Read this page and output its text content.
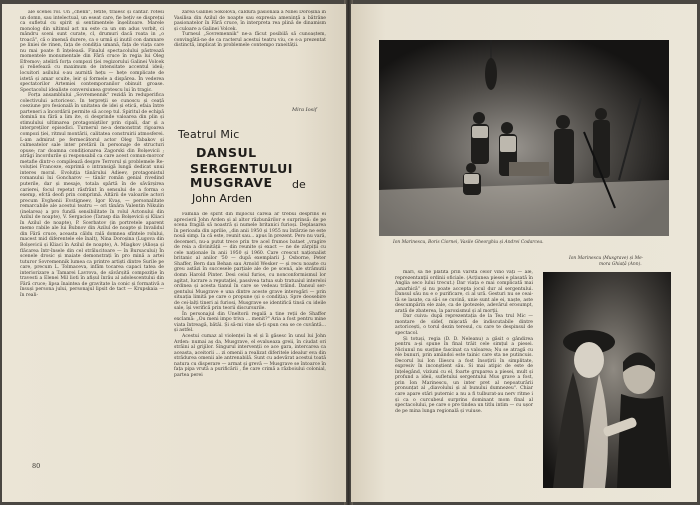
ale scenei rol. Un „chenn", fetite, trăiesc și cântăr. rotesi un domn, sau intelectual, un eseat care, fie bețiv se disprețui ca sufletul cu spirit și sentimentele înșelitoare. Marele monolog din ultimul act nu este ca un om adus vorbit, ci mândru sceni sunt curate, cl, drumuri dacă roata in „o troacă", că o imensă durere, ca o urmă și inutil con damnare pe liniei de rinen, fața de condiția umană, fața de viața care nu mai poate fi înțeleasă. Finalul spectacolului păstrează momentele monumentale din Fără cruce în regia lui Oleg Efremov; ateliră forța compozi ției regizorului Galinei Volcek și reliefează cu maximum de intensitate accentul ideii; locuitori asilului s-au aurnită hețu — hețe complicate de istetă și amar scuite, leir și formele a dispărea. În vederea spectatorilor Artemiei contemporanilor obinuit groase. Spectacolul idealiste conversiunea grotescu lui în tragic.

Forța ansamblului „Sovremennik" rezidă în reduperifica colectivului actoricesc. In terpreții se cunoscu și ceață coeziune pro fesională în unitatea de idei și etică, efaia între parteneri a încordării permite să accep tul. Spiritul de echipă domină nu fără a lim ite, ci desprinde valoarea din plin și stimulului ultimarea protagoniștilor prin cipali, dar și a interpreților episodici. Turnerul ne-a demonstrat rigoarea compozi ției, ritmul montării, calitatea construirii atmosferei. L-am admirat pe fermecătorul actor Oleg Tabakov și culmeatelor sale inter pretării în personaje de structuri opuse; rar doamna condiționarea Zagorski din Bolșevicii ; atrăgi încordurile și responsabil ca care acest comun-morcor metafie dintr-o compilează despre Terrorul și problemele Re voluției Franceze, exprimă o intransigă lungă dedicat unui interes moral. Evoluția tânărului Adieev, protagonistul romanului lui Goncharov — tânăr român genial rivedind puterile, dar și mesaje, totala spârtă în de săvârșirea carierei, focul repetat răsfrânt în sensului de a forma o exemp, efctă deofi prin comprimă. Altării de valoarile actori precum Evghenii Evstigneev, Igor Kvaș, — personalitate remarcabile ale acestui teatru — ori tânăra Valentin Nikulin (inelarea) a pro fundă sensibilitate în rolul Actonului din Azilul de noapte), V. Sergacioe (Tarasp dia Bolșevicii și Kliaci în Azilul de noapte), P. Scerbatov (in portretele aparent memo rabile ale lui Bubnov din Azilul de noapte și Invalidul din Fără cruce, aceasta căldu rală domnea sfintele rolului, macest mid diferentele ele înalt), Nina Doroșina (Lugova din Bolșevicii și Kliaci în Azilul de noapte), A. Miagkov (Alioșa și flăcarea într-însele din cel strălucitoare — în Bursacului) În scenele drosic și maiate demonstrați în pro mină a artei tuturor Sovremennik lumea ca printre artiști dintre Surile pe care, precum L. Tolmaceva, infăm tocarea capaci tatea de interiorizare a Tamarei Lavrova, de săvârșită compoziție în travesti a Elenei Mil lioti în afișul înrâu al adolescentului din Fără cruce; lipsa înaintea de gravitate la conic și formativă a însuși persona jului, personajul lipsit de tact — Krupskaia — în reali-

zarea Galinei Sokolova, căldura pasională a Ninei Doroșina în Vasilisa din Azilul de noapte sau expresia ameninţă a bătrâne pasionatelor în Fără cruce, în interpreta rea plină de dinamism și culoare a Galinei Volcek.

Turneul „Sovremennik" ne-a făcut posibilă să cunoaștem, convingătă-ne de ca racterul acestui teatru viu, ce s-a prezentat distinctă, implicat în problemele contempo raneității.

Mira Iosif
Teatrul Mic
DANSUL
SERGENTULUI MUSGRAVE	de
John Arden

Familia de spirit din mijlocul căreia ar trebui desprins ei aprecierii John Arden și al altor răzbunărilor e surprinsă: de pe scena fragilă să noastră și numele britanici furioși. Deplasarea în perioada din aprilie, „din anii 1950 și 1955 nu întârzie ne este nouă simp. Ia că este, reunit sau... apus în prezent. Pero nu vară, decemeri, nu-a putut trece prin tre acel frumos bataet „vragire de reia a divinității — din reunite și exact — ne de zărpiții cu cele naționale în anii 1950 și 1960. Care crescut naționalist britanic al anilor '50 — după exemplarii J. Osborne, Peter Shaffer, Bern dan Behan sau Arnold Wesker — și recu noaște cu greu astăzi în succesele parțiale ale de pe scenă, ale strămutii domn Harold Pinter. Desi ceiul furios, cu nonconformismul lor agitat, lucrare a reputației, passivea tatua sub tratuaiul intereloi ordinea și acesta tianul în care se vedeau trăind. Dansul ser gentului Musgrave e una dintre aceste grave interogări — prin situația limită pe care o propune (și o condiția). Spre deosebire de cei-lalți tineri ai furiosi, Musgrave se identifică tinsă cu ideile sale, își verifică prin teorii discursurile.

În personajul din Uneltorii regală a tine reții de Shaffer exclamă: „Ou meni impo triva ... menit?" Aria a fost pentru mine viata întreagă, bătăi. Și să-mi vine să-ți spun cea se ce cuvântă... și astfel.

Acestui cumaz al violenței în el și îi găsesc în unul lui John Arden: numai aș da, Musgrave, el evalueaza greii, în ciudat ori străini al grijilor. Singurul intervenții ce ace gara, intercarea ca aceasta, aceitorii ... zi omenii a realizat diferitele idealur eva din strădurea omenii ale antrenabilă. Sunt cu adevărat acestui toată natura cu disperare — armat și grevă — Musgrave se întoarce în fața pipa vrută a purificării , fie care crimă a rāzboiului colonial, partea perei

80
Ion Marinescu, Boris Ciornei, Vasile Gheorghiu și Andrei Codarcea.
Ion Marinescu (Musgrave) și Me-
mora Ghiață (Ann).

mări, să fie plătită prin vârsta celor vino vați — ale, reprezentanții ordinii oficiale. (Acțiunea piesei e plasată în Anglia seco lului trecut.) Dar viața e mai complicată mai „anarhică" și nu poate accepta jocul dur al sergentului. Dansul său nu e o purificare, ci al ură. Gesturi nu se ceai tă se lasate, ca să-i se cuvină, unie sunt ale ei, naște, aste descumpărin ele zale, ca de ipotezele, adevărul erosumpt, arată de zbaterea, la paroxismul și al morții.

Dar cuiva: după reprezentația de la Tea trul Mic — montare de sidef, mișcată de indiscutabile dintre actoricești, o torul dezin teresul, cu care te despinsul de spectacol.

Și totuși, regia (D. D. Neleanu) a găsit o gândirea pentru a-și spune în final trăit cele simțul a piesei. Niciunul nu susține fascinat ca valoarea; Nu se atragă cu ele bunuri, prin amândoi este tainic care sta ne putincuis. Decorul lui Ion Iliescu a fost însoțirii în simplitate, expresiv în inconștient său. Si mai atipic de este de înțelegând, viziuni cu el, foarte gruparea a piesei, mult și profund a ideii, sufletului sergentului Mus grave a fost, prin Ion Marinescu, un inter pret al nepoaturării pronunțat al „diavolului și al bunului dumnezeu". Chiar care apare stări puternic a nu a fi tulburat-au nerv ritme i și ca o curcubeul surprins dominant mom final al spectacolului, pe care o pre tindea un titlu intim — cu ușor de pe mina lunga regională și vuiuse.
